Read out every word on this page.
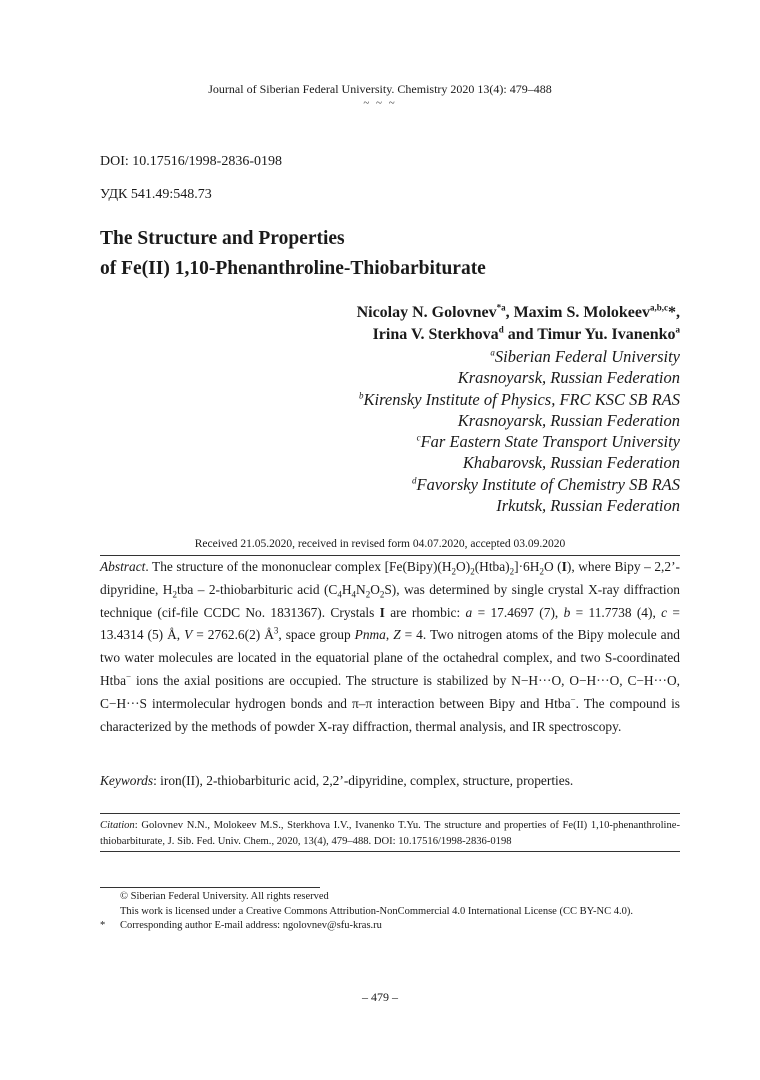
Journal of Siberian Federal University. Chemistry 2020 13(4): 479–488
~ ~ ~
DOI: 10.17516/1998-2836-0198
УДК 541.49:548.73
The Structure and Properties
of Fe(II) 1,10-Phenanthroline-Thiobarbiturate
Nicolay N. Golovnev$^{*a}$, Maxim S. Molokeev$^{a,b,c}$*,
Irina V. Sterkhova$^d$ and Timur Yu. Ivanenko$^a$
$^a$Siberian Federal University
Krasnoyarsk, Russian Federation
$^b$Kirensky Institute of Physics, FRC KSC SB RAS
Krasnoyarsk, Russian Federation
$^c$Far Eastern State Transport University
Khabarovsk, Russian Federation
$^d$Favorsky Institute of Chemistry SB RAS
Irkutsk, Russian Federation
Received 21.05.2020, received in revised form 04.07.2020, accepted 03.09.2020
Abstract. The structure of the mononuclear complex $[Fe(Bipy)(H_2O)_2(Htba)_2]\cdot 6H_2O$ (I), where Bipy – 2,2’-dipyridine, $H_2tba$ – 2-thiobarbituric acid $(C_4H_4N_2O_2S)$, was determined by single crystal X-ray diffraction technique (cif-file CCDC No. 1831367). Crystals I are rhombic: a = 17.4697 (7), b = 11.7738 (4), c = 13.4314 (5) Å, V = 2762.6(2) $Å^3$, space group Pnma, Z = 4. Two nitrogen atoms of the Bipy molecule and two water molecules are located in the equatorial plane of the octahedral complex, and two S-coordinated Htba− ions the axial positions are occupied. The structure is stabilized by N−H···O, O−H···O, C−H···O, C−H···S intermolecular hydrogen bonds and π–π interaction between Bipy and Htba−. The compound is characterized by the methods of powder X-ray diffraction, thermal analysis, and IR spectroscopy.
Keywords: iron(II), 2-thiobarbituric acid, 2,2’-dipyridine, complex, structure, properties.
Citation: Golovnev N.N., Molokeev M.S., Sterkhova I.V., Ivanenko T.Yu. The structure and properties of Fe(II) 1,10-phenanthroline-thiobarbiturate, J. Sib. Fed. Univ. Chem., 2020, 13(4), 479–488. DOI: 10.17516/1998-2836-0198
© Siberian Federal University. All rights reserved
This work is licensed under a Creative Commons Attribution-NonCommercial 4.0 International License (CC BY-NC 4.0).
* Corresponding author E-mail address: ngolovnev@sfu-kras.ru
– 479 –
